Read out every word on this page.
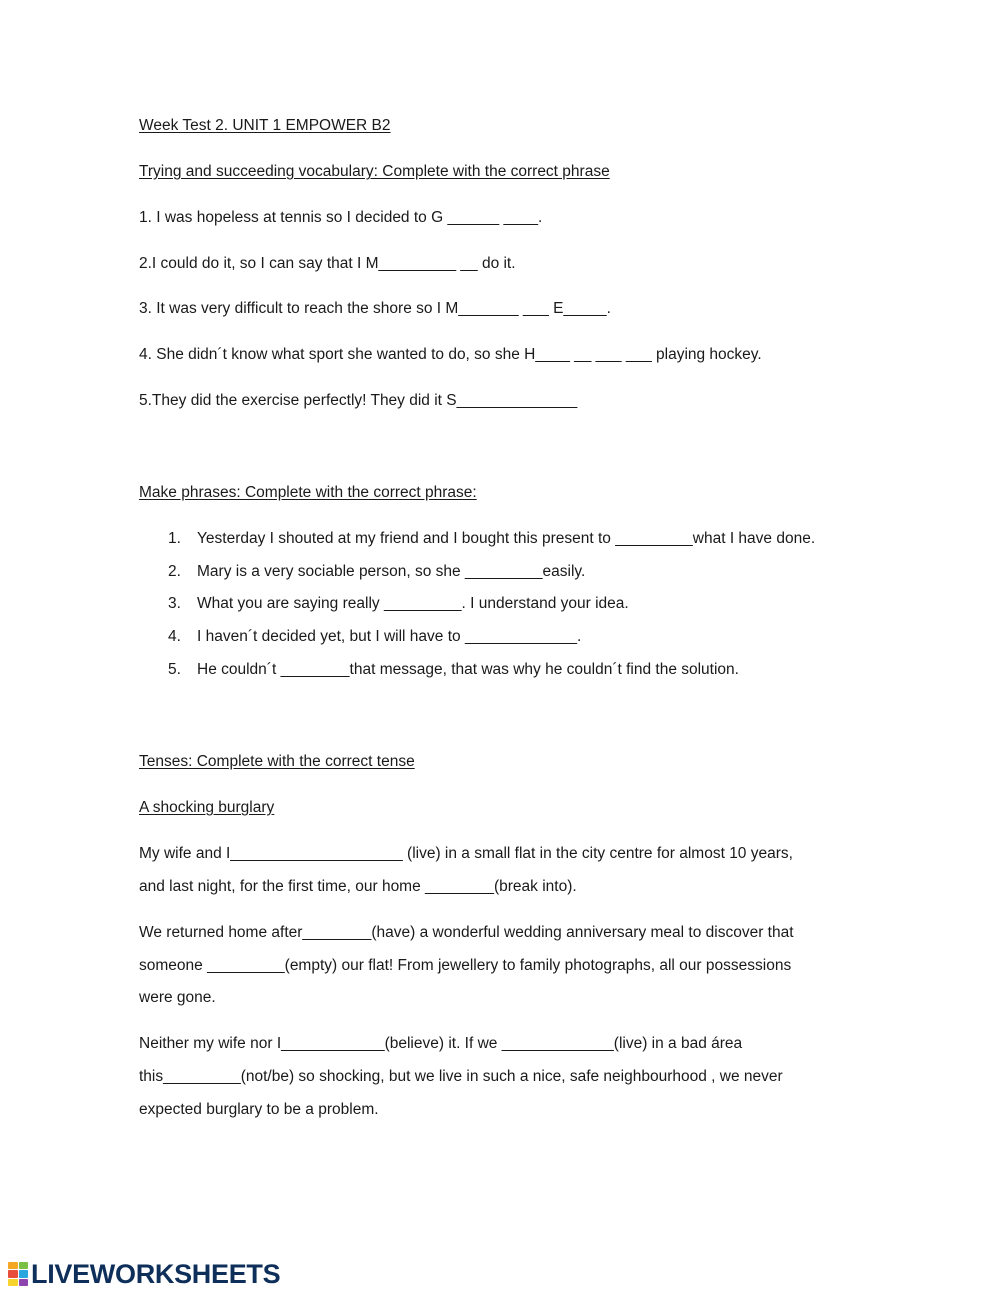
Week Test 2. UNIT 1 EMPOWER B2

Trying and succeeding vocabulary: Complete with the correct phrase

1. I was hopeless at tennis so I decided to G ______ ____.

2.I could do it, so I can say that I M_________ __ do it.

3. It was very difficult to reach the shore so I M_______ ___ E_____.

4. She didn´t know what sport she wanted to do, so she H____ __ ___ ___ playing hockey.

5.They did the exercise perfectly! They did it S______________

Make phrases: Complete with the correct phrase:

1. Yesterday I shouted at my friend and I bought this present to _________what I have done.
2. Mary is a very sociable person, so she _________easily.
3. What you are saying really _________. I understand your idea.
4. I haven´t decided yet, but I will have to _____________.
5. He couldn´t ________that message, that was why he couldn´t find the solution.

Tenses: Complete with the correct tense

A shocking burglary

My wife and I____________________ (live) in a small flat in the city centre for almost 10 years,

and last night, for the first time, our home ________(break into).

We returned home after________(have) a wonderful wedding anniversary meal to discover that

someone _________(empty) our flat! From jewellery to family photographs, all our possessions

were gone.

Neither my wife nor I____________(believe) it. If we _____________(live) in a bad área

this_________(not/be) so shocking, but we live in such a nice, safe neighbourhood , we never

expected burglary to be a problem.

LIVEWORKSHEETS
